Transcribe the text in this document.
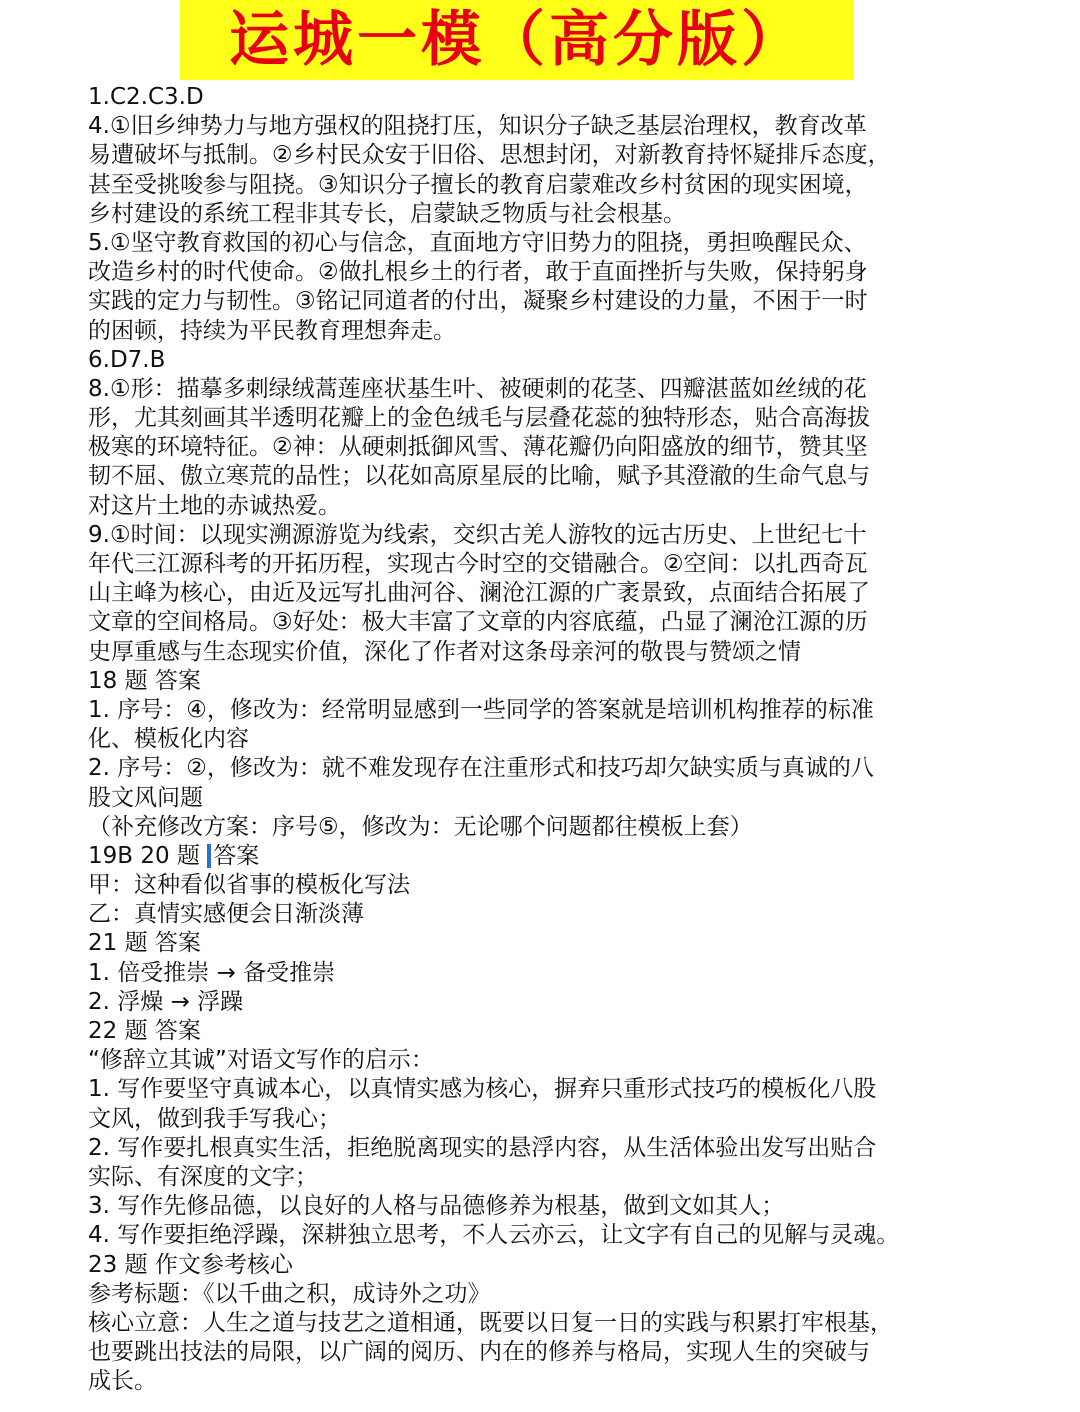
运城一模（高分版）
1.C2.C3.D
4.①旧乡绅势力与地方强权的阻挠打压，知识分子缺乏基层治理权，教育改革
易遭破坏与抵制。②乡村民众安于旧俗、思想封闭，对新教育持怀疑排斥态度，
甚至受挑唆参与阻挠。③知识分子擅长的教育启蒙难改乡村贫困的现实困境，
乡村建设的系统工程非其专长，启蒙缺乏物质与社会根基。
5.①坚守教育救国的初心与信念，直面地方守旧势力的阻挠，勇担唤醒民众、
改造乡村的时代使命。②做扎根乡土的行者，敢于直面挫折与失败，保持躬身
实践的定力与韧性。③铭记同道者的付出，凝聚乡村建设的力量，不困于一时
的困顿，持续为平民教育理想奔走。
6.D7.B
8.①形：描摹多刺绿绒蒿莲座状基生叶、被硬刺的花茎、四瓣湛蓝如丝绒的花
形，尤其刻画其半透明花瓣上的金色绒毛与层叠花蕊的独特形态，贴合高海拔
极寒的环境特征。②神：从硬刺抵御风雪、薄花瓣仍向阳盛放的细节，赞其坚
韧不屈、傲立寒荒的品性；以花如高原星辰的比喻，赋予其澄澈的生命气息与
对这片土地的赤诚热爱。
9.①时间：以现实溯源游览为线索，交织古羌人游牧的远古历史、上世纪七十
年代三江源科考的开拓历程，实现古今时空的交错融合。②空间：以扎西奇瓦
山主峰为核心，由近及远写扎曲河谷、澜沧江源的广袤景致，点面结合拓展了
文章的空间格局。③好处：极大丰富了文章的内容底蕴，凸显了澜沧江源的历
史厚重感与生态现实价值，深化了作者对这条母亲河的敬畏与赞颂之情
18 题 答案
1. 序号：④，修改为：经常明显感到一些同学的答案就是培训机构推荐的标准
化、模板化内容
2. 序号：②，修改为：就不难发现存在注重形式和技巧却欠缺实质与真诚的八
股文风问题
（补充修改方案：序号⑤，修改为：无论哪个问题都往模板上套）
19B 20 题 答案
甲：这种看似省事的模板化写法
乙：真情实感便会日渐淡薄
21 题 答案
1. 倍受推崇 → 备受推崇
2. 浮燥 → 浮躁
22 题 答案
“修辞立其诚”对语文写作的启示：
1. 写作要坚守真诚本心，以真情实感为核心，摒弃只重形式技巧的模板化八股
文风，做到我手写我心；
2. 写作要扎根真实生活，拒绝脱离现实的悬浮内容，从生活体验出发写出贴合
实际、有深度的文字；
3. 写作先修品德，以良好的人格与品德修养为根基，做到文如其人；
4. 写作要拒绝浮躁，深耕独立思考，不人云亦云，让文字有自己的见解与灵魂。
23 题 作文参考核心
参考标题：《以千曲之积，成诗外之功》
核心立意：人生之道与技艺之道相通，既要以日复一日的实践与积累打牢根基，
也要跳出技法的局限，以广阔的阅历、内在的修养与格局，实现人生的突破与
成长。
